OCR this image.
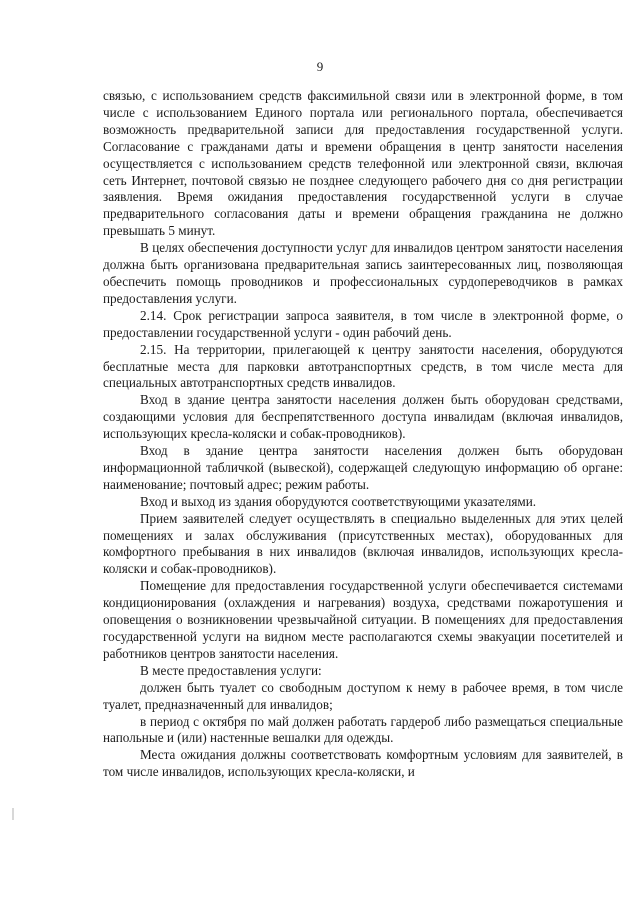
9

связью, с использованием средств факсимильной связи или в электронной форме, в том числе с использованием Единого портала или регионального портала, обеспечивается возможность предварительной записи для предоставления государственной услуги. Согласование с гражданами даты и времени обращения в центр занятости населения осуществляется с использованием средств телефонной или электронной связи, включая сеть Интернет, почтовой связью не позднее следующего рабочего дня со дня регистрации заявления. Время ожидания предоставления государственной услуги в случае предварительного согласования даты и времени обращения гражданина не должно превышать 5 минут.

В целях обеспечения доступности услуг для инвалидов центром занятости населения должна быть организована предварительная запись заинтересованных лиц, позволяющая обеспечить помощь проводников и профессиональных сурдопереводчиков в рамках предоставления услуги.

2.14. Срок регистрации запроса заявителя, в том числе в электронной форме, о предоставлении государственной услуги - один рабочий день.

2.15. На территории, прилегающей к центру занятости населения, оборудуются бесплатные места для парковки автотранспортных средств, в том числе места для специальных автотранспортных средств инвалидов.

Вход в здание центра занятости населения должен быть оборудован средствами, создающими условия для беспрепятственного доступа инвалидам (включая инвалидов, использующих кресла-коляски и собак-проводников).

Вход в здание центра занятости населения должен быть оборудован информационной табличкой (вывеской), содержащей следующую информацию об органе: наименование; почтовый адрес; режим работы.

Вход и выход из здания оборудуются соответствующими указателями.

Прием заявителей следует осуществлять в специально выделенных для этих целей помещениях и залах обслуживания (присутственных местах), оборудованных для комфортного пребывания в них инвалидов (включая инвалидов, использующих кресла-коляски и собак-проводников).

Помещение для предоставления государственной услуги обеспечивается системами кондиционирования (охлаждения и нагревания) воздуха, средствами пожаротушения и оповещения о возникновении чрезвычайной ситуации. В помещениях для предоставления государственной услуги на видном месте располагаются схемы эвакуации посетителей и работников центров занятости населения.

В месте предоставления услуги:

должен быть туалет со свободным доступом к нему в рабочее время, в том числе туалет, предназначенный для инвалидов;

в период с октября по май должен работать гардероб либо размещаться специальные напольные и (или) настенные вешалки для одежды.

Места ожидания должны соответствовать комфортным условиям для заявителей, в том числе инвалидов, использующих кресла-коляски, и
